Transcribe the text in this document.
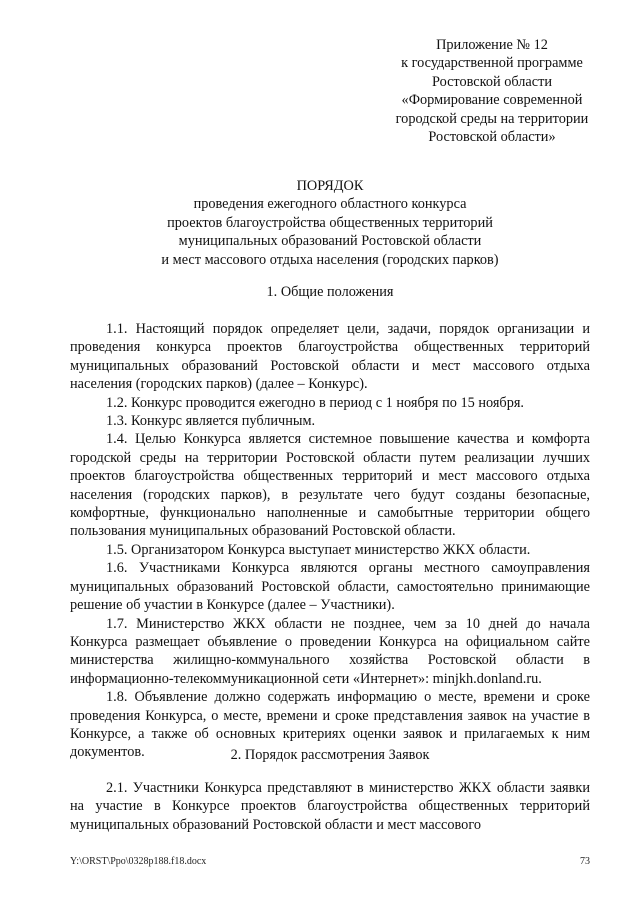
Приложение № 12
к государственной программе
Ростовской области
«Формирование современной
городской среды на территории
Ростовской области»
ПОРЯДОК
проведения ежегодного областного конкурса
проектов благоустройства общественных территорий
муниципальных образований Ростовской области
и мест массового отдыха населения (городских парков)
1. Общие положения

1.1. Настоящий порядок определяет цели, задачи, порядок организации и проведения конкурса проектов благоустройства общественных территорий муниципальных образований Ростовской области и мест массового отдыха населения (городских парков) (далее – Конкурс).

1.2. Конкурс проводится ежегодно в период с 1 ноября по 15 ноября.

1.3. Конкурс является публичным.

1.4. Целью Конкурса является системное повышение качества и комфорта городской среды на территории Ростовской области путем реализации лучших проектов благоустройства общественных территорий и мест массового отдыха населения (городских парков), в результате чего будут созданы безопасные, комфортные, функционально наполненные и самобытные территории общего пользования муниципальных образований Ростовской области.

1.5. Организатором Конкурса выступает министерство ЖКХ области.

1.6. Участниками Конкурса являются органы местного самоуправления муниципальных образований Ростовской области, самостоятельно принимающие решение об участии в Конкурсе (далее – Участники).

1.7. Министерство ЖКХ области не позднее, чем за 10 дней до начала Конкурса размещает объявление о проведении Конкурса на официальном сайте министерства жилищно-коммунального хозяйства Ростовской области в информационно-телекоммуникационной сети «Интернет»: minjkh.donland.ru.

1.8. Объявление должно содержать информацию о месте, времени и сроке проведения Конкурса, о месте, времени и сроке представления заявок на участие в Конкурсе, а также об основных критериях оценки заявок и прилагаемых к ним документов.	2. Порядок рассмотрения Заявок

2.1. Участники Конкурса представляют в министерство ЖКХ области заявки на участие в Конкурсе проектов благоустройства общественных территорий муниципальных образований Ростовской области и мест массового

Y:\ORST\Ppo\0328p188.f18.docx	73
